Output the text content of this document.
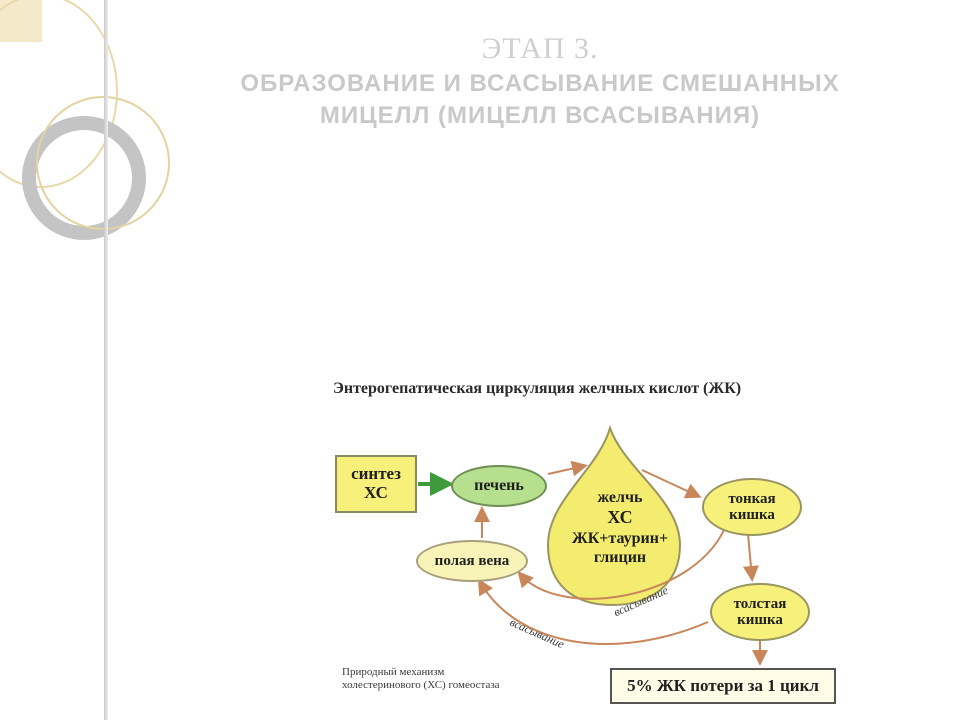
ЭТАП 3.
ОБРАЗОВАНИЕ И ВСАСЫВАНИЕ СМЕШАННЫХ
МИЦЕЛЛ (МИЦЕЛЛ ВСАСЫВАНИЯ)
Энтерогепатическая циркуляция желчных кислот (ЖК)
синтез
ХС	печень
полая вена
желчь
ХС
ЖК+таурин+
глицин
тонкая
кишка
толстая
кишка
всасывание
всасывание
5% ЖК потери за 1 цикл
Природный механизм
холестеринового (ХС) гомеостаза
